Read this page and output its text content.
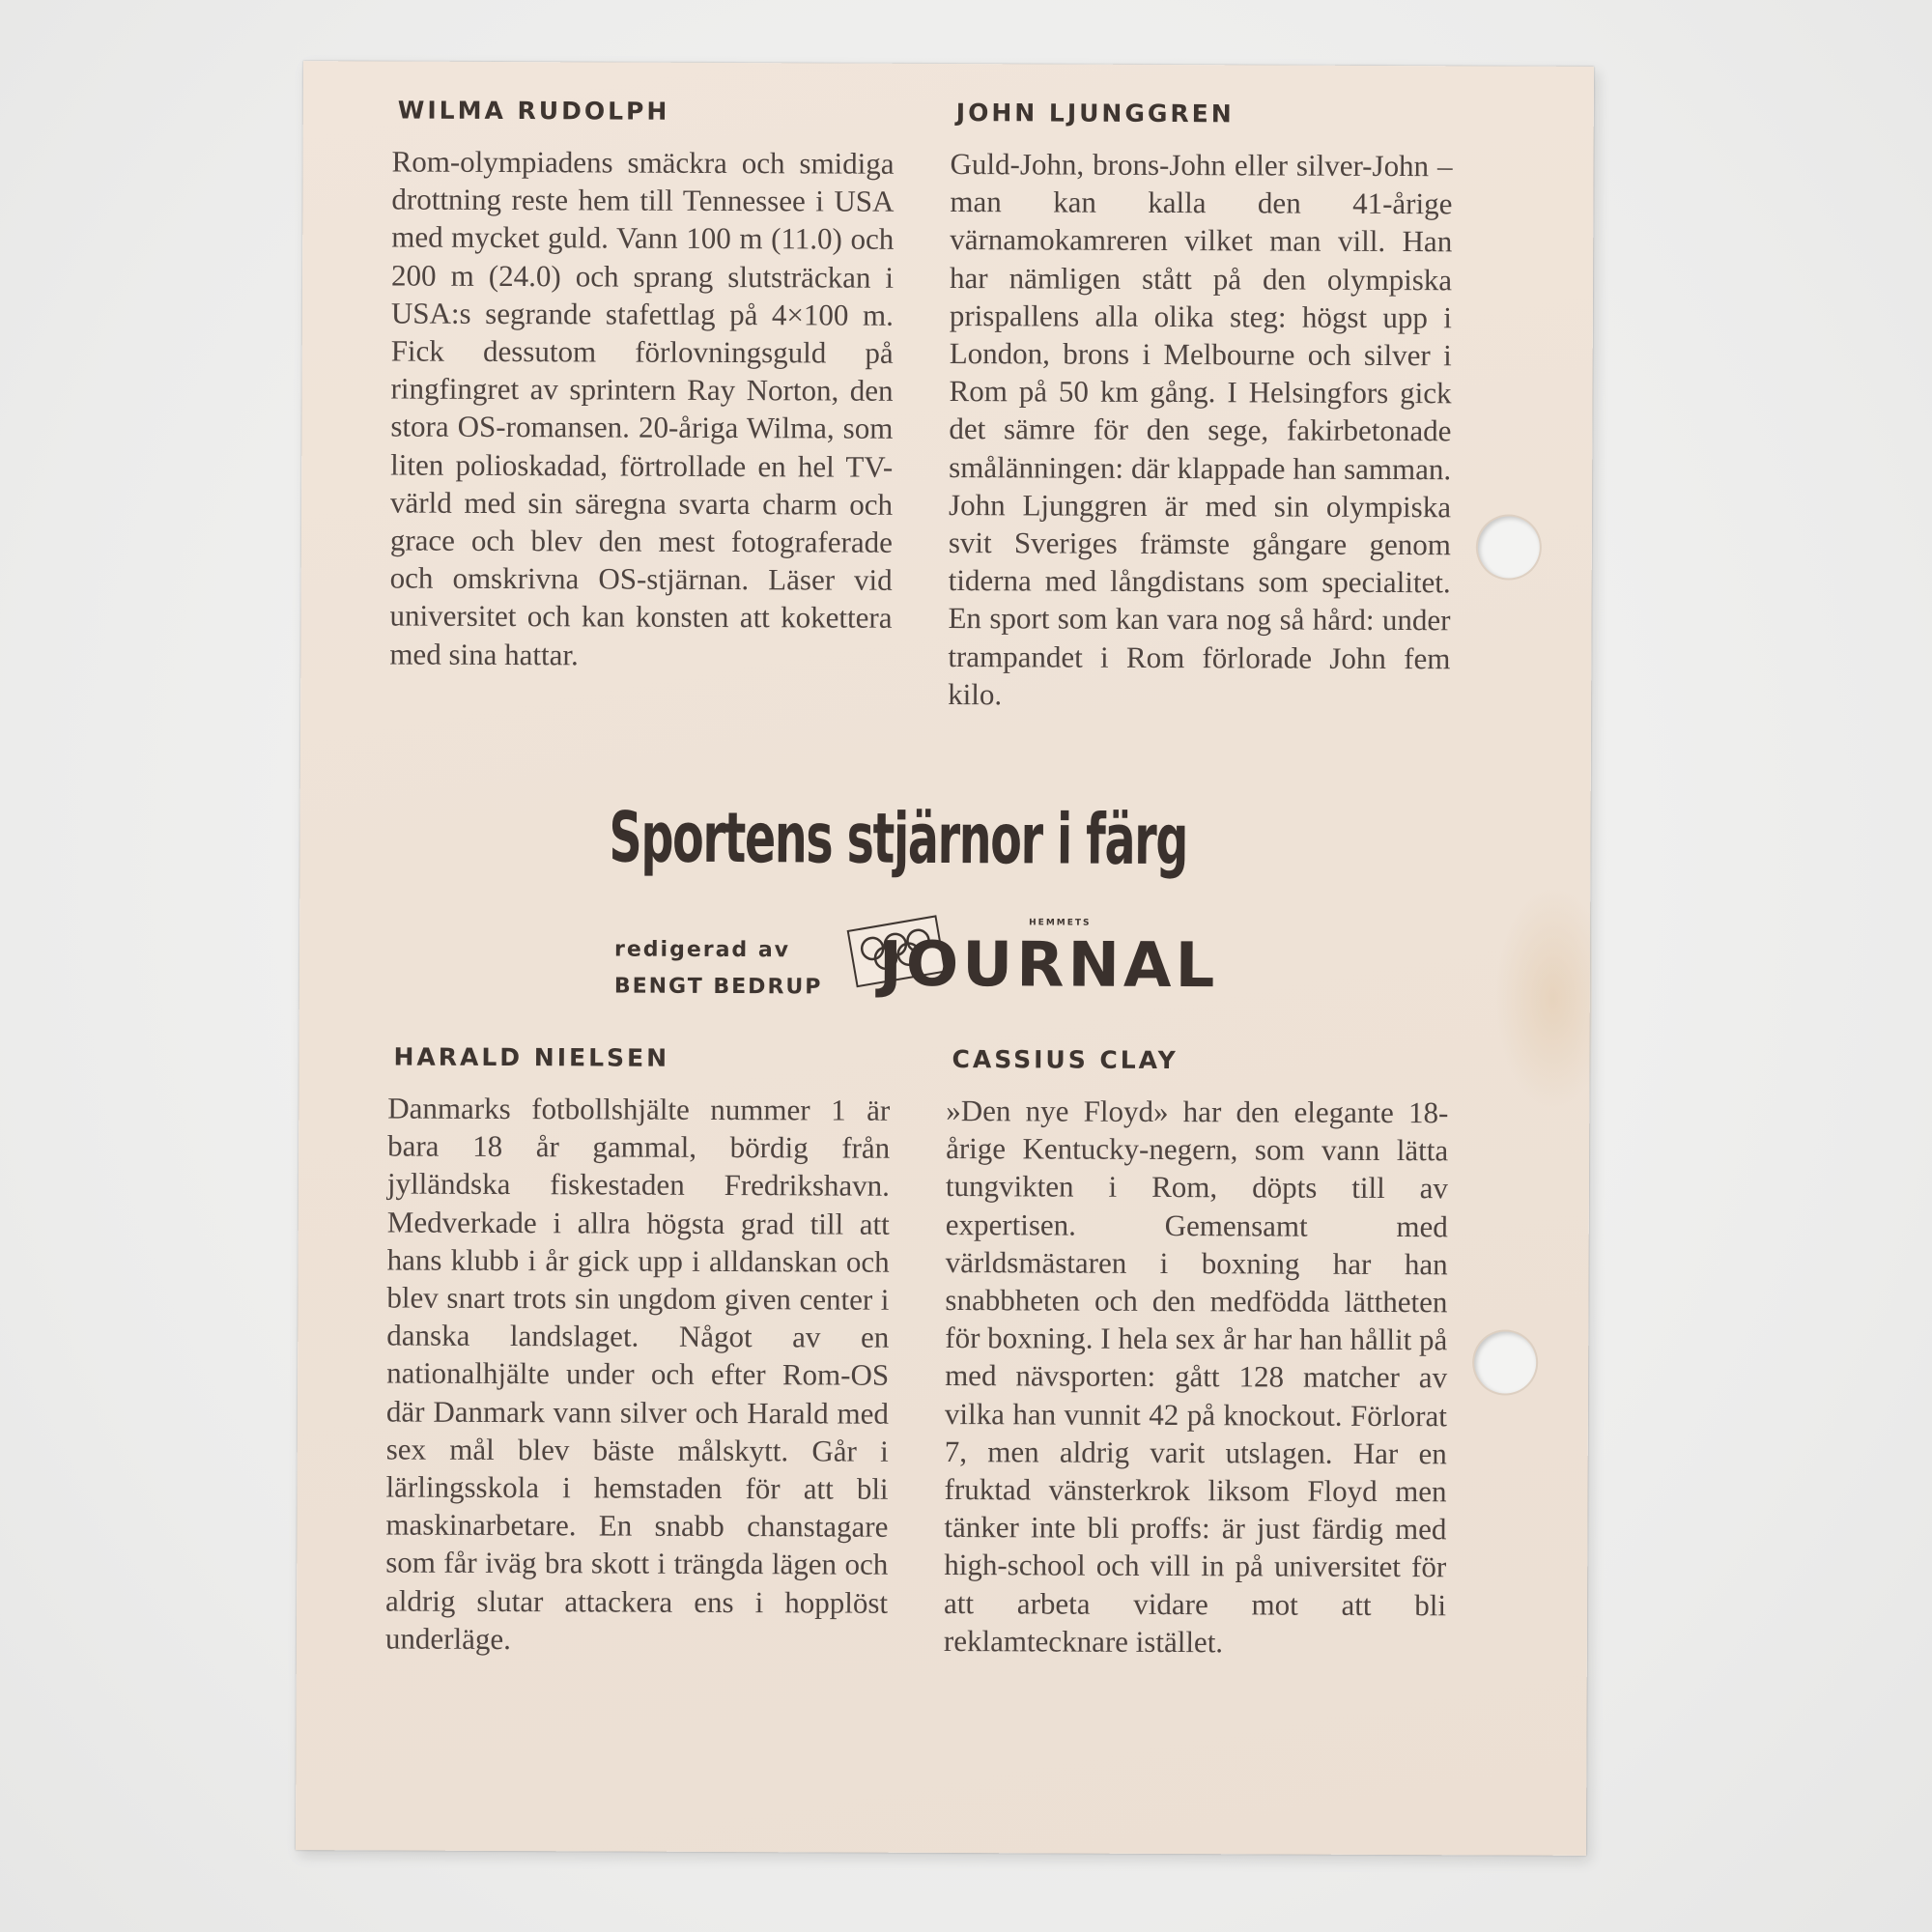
WILMA RUDOLPH

Rom-olympiadens smäckra och smidiga drottning reste hem till Tennessee i USA med mycket guld. Vann 100 m (11.0) och 200 m (24.0) och sprang slutsträckan i USA:s segrande stafettlag på 4×100 m. Fick dessutom förlovningsguld på ringfingret av sprintern Ray Norton, den stora OS-romansen. 20-åriga Wilma, som liten polioskadad, förtrollade en hel TV-värld med sin säregna svarta charm och grace och blev den mest fotograferade och omskrivna OS-stjärnan. Läser vid universitet och kan konsten att kokettera med sina hattar.

JOHN LJUNGGREN

Guld-John, brons-John eller silver-John – man kan kalla den 41-årige värnamokamreren vilket man vill. Han har nämligen stått på den olympiska prispallens alla olika steg: högst upp i London, brons i Melbourne och silver i Rom på 50 km gång. I Helsingfors gick det sämre för den sege, fakirbetonade smålänningen: där klappade han samman. John Ljunggren är med sin olympiska svit Sveriges främste gångare genom tiderna med långdistans som specialitet. En sport som kan vara nog så hård: under trampandet i Rom förlorade John fem kilo.

Sportens stjärnor i färg
redigerad av
BENGT BEDRUP
HEMMETS
JOURNAL
HARALD NIELSEN

Danmarks fotbollshjälte nummer 1 är bara 18 år gammal, bördig från jylländska fiskestaden Fredrikshavn. Medverkade i allra högsta grad till att hans klubb i år gick upp i alldanskan och blev snart trots sin ungdom given center i danska landslaget. Något av en nationalhjälte under och efter Rom-OS där Danmark vann silver och Harald med sex mål blev bäste målskytt. Går i lärlingsskola i hemstaden för att bli maskinarbetare. En snabb chanstagare som får iväg bra skott i trängda lägen och aldrig slutar attackera ens i hopplöst underläge.

CASSIUS CLAY

»Den nye Floyd» har den elegante 18-årige Kentucky-negern, som vann lätta tungvikten i Rom, döpts till av expertisen. Gemensamt med världsmästaren i boxning har han snabbheten och den medfödda lättheten för boxning. I hela sex år har han hållit på med nävsporten: gått 128 matcher av vilka han vunnit 42 på knockout. Förlorat 7, men aldrig varit utslagen. Har en fruktad vänsterkrok liksom Floyd men tänker inte bli proffs: är just färdig med high-school och vill in på universitet för att arbeta vidare mot att bli reklamtecknare istället.
